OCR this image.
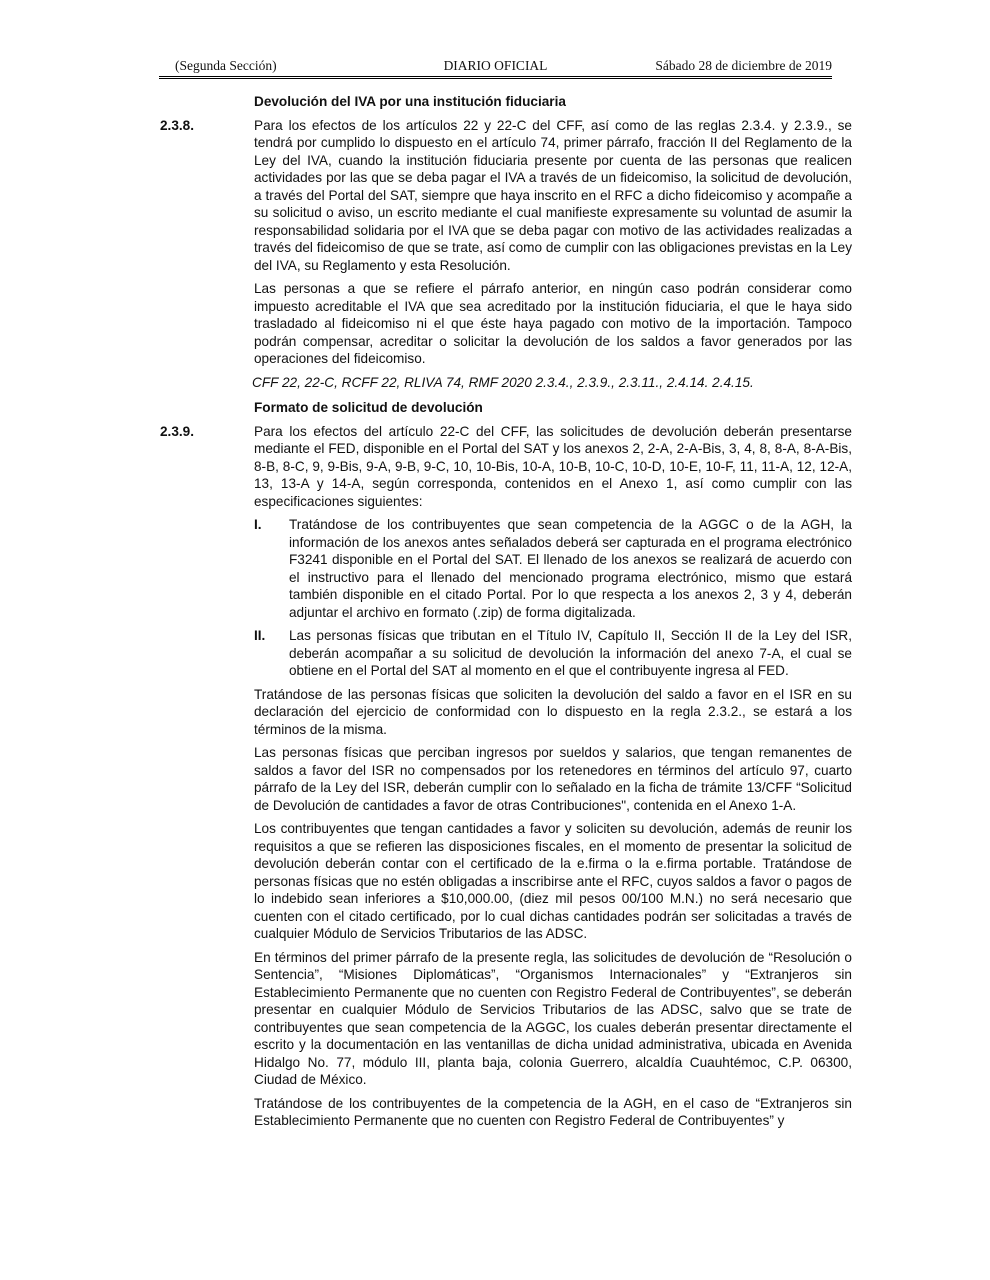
(Segunda Sección)	DIARIO OFICIAL	Sábado 28 de diciembre de 2019
Devolución del IVA por una institución fiduciaria
2.3.8.	Para los efectos de los artículos 22 y 22-C del CFF, así como de las reglas 2.3.4. y 2.3.9., se tendrá por cumplido lo dispuesto en el artículo 74, primer párrafo, fracción II del Reglamento de la Ley del IVA, cuando la institución fiduciaria presente por cuenta de las personas que realicen actividades por las que se deba pagar el IVA a través de un fideicomiso, la solicitud de devolución, a través del Portal del SAT, siempre que haya inscrito en el RFC a dicho fideicomiso y acompañe a su solicitud o aviso, un escrito mediante el cual manifieste expresamente su voluntad de asumir la responsabilidad solidaria por el IVA que se deba pagar con motivo de las actividades realizadas a través del fideicomiso de que se trate, así como de cumplir con las obligaciones previstas en la Ley del IVA, su Reglamento y esta Resolución.
Las personas a que se refiere el párrafo anterior, en ningún caso podrán considerar como impuesto acreditable el IVA que sea acreditado por la institución fiduciaria, el que le haya sido trasladado al fideicomiso ni el que éste haya pagado con motivo de la importación. Tampoco podrán compensar, acreditar o solicitar la devolución de los saldos a favor generados por las operaciones del fideicomiso.
CFF 22, 22-C, RCFF 22, RLIVA 74, RMF 2020 2.3.4., 2.3.9., 2.3.11., 2.4.14. 2.4.15.
Formato de solicitud de devolución
2.3.9.	Para los efectos del artículo 22-C del CFF, las solicitudes de devolución deberán presentarse mediante el FED, disponible en el Portal del SAT y los anexos 2, 2-A, 2-A-Bis, 3, 4, 8, 8-A, 8-A-Bis, 8-B, 8-C, 9, 9-Bis, 9-A, 9-B, 9-C, 10, 10-Bis, 10-A, 10-B, 10-C, 10-D, 10-E, 10-F, 11, 11-A, 12, 12-A, 13, 13-A y 14-A, según corresponda, contenidos en el Anexo 1, así como cumplir con las especificaciones siguientes:
I. Tratándose de los contribuyentes que sean competencia de la AGGC o de la AGH, la información de los anexos antes señalados deberá ser capturada en el programa electrónico F3241 disponible en el Portal del SAT. El llenado de los anexos se realizará de acuerdo con el instructivo para el llenado del mencionado programa electrónico, mismo que estará también disponible en el citado Portal. Por lo que respecta a los anexos 2, 3 y 4, deberán adjuntar el archivo en formato (.zip) de forma digitalizada.
II. Las personas físicas que tributan en el Título IV, Capítulo II, Sección II de la Ley del ISR, deberán acompañar a su solicitud de devolución la información del anexo 7-A, el cual se obtiene en el Portal del SAT al momento en el que el contribuyente ingresa al FED.
Tratándose de las personas físicas que soliciten la devolución del saldo a favor en el ISR en su declaración del ejercicio de conformidad con lo dispuesto en la regla 2.3.2., se estará a los términos de la misma.
Las personas físicas que perciban ingresos por sueldos y salarios, que tengan remanentes de saldos a favor del ISR no compensados por los retenedores en términos del artículo 97, cuarto párrafo de la Ley del ISR, deberán cumplir con lo señalado en la ficha de trámite 13/CFF “Solicitud de Devolución de cantidades a favor de otras Contribuciones", contenida en el Anexo 1-A.
Los contribuyentes que tengan cantidades a favor y soliciten su devolución, además de reunir los requisitos a que se refieren las disposiciones fiscales, en el momento de presentar la solicitud de devolución deberán contar con el certificado de la e.firma o la e.firma portable. Tratándose de personas físicas que no estén obligadas a inscribirse ante el RFC, cuyos saldos a favor o pagos de lo indebido sean inferiores a $10,000.00, (diez mil pesos 00/100 M.N.) no será necesario que cuenten con el citado certificado, por lo cual dichas cantidades podrán ser solicitadas a través de cualquier Módulo de Servicios Tributarios de las ADSC.
En términos del primer párrafo de la presente regla, las solicitudes de devolución de “Resolución o Sentencia”, “Misiones Diplomáticas”, “Organismos Internacionales” y “Extranjeros sin Establecimiento Permanente que no cuenten con Registro Federal de Contribuyentes”, se deberán presentar en cualquier Módulo de Servicios Tributarios de las ADSC, salvo que se trate de contribuyentes que sean competencia de la AGGC, los cuales deberán presentar directamente el escrito y la documentación en las ventanillas de dicha unidad administrativa, ubicada en Avenida Hidalgo No. 77, módulo III, planta baja, colonia Guerrero, alcaldía Cuauhtémoc, C.P. 06300, Ciudad de México.
Tratándose de los contribuyentes de la competencia de la AGH, en el caso de “Extranjeros sin Establecimiento Permanente que no cuenten con Registro Federal de Contribuyentes” y
